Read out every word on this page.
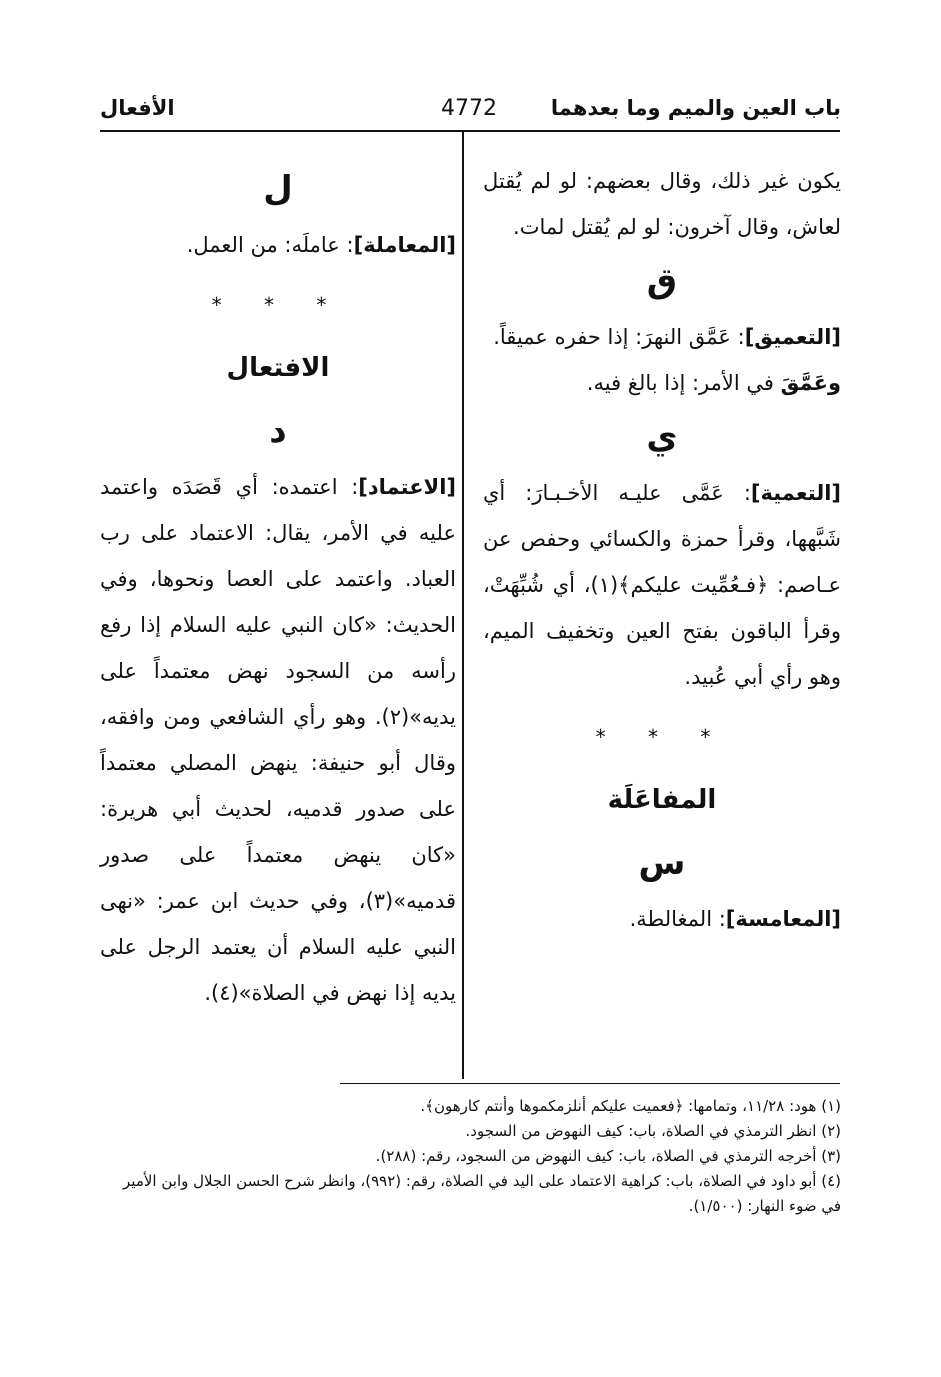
باب العين والميم وما بعدهما
4772
الأفعال

يكون غير ذلك، وقال بعضهم: لو لم يُقتل لعاش، وقال آخرون: لو لم يُقتل لمات.

ق

[التعميق]: عَمَّق النهرَ: إذا حفره عميقاً.

وعَمَّقَ في الأمر: إذا بالغ فيه.

ي

[التعمية]: عَمَّى عليـه الأخـبـارَ: أي شَبَّهها، وقرأ حمزة والكسائي وحفص عن عـاصم: ﴿فـعُمِّيت عليكم﴾(١)، أي شُبِّهَتْ، وقرأ الباقون بفتح العين وتخفيف الميم، وهو رأي أبي عُبيد.

* * *
المفاعَلَة
س

[المعامسة]: المغالطة.

ل

[المعاملة]: عاملَه: من العمل.

* * *
الافتعال
د

[الاعتماد]: اعتمده: أي قَصَدَه واعتمد عليه في الأمر، يقال: الاعتماد على رب العباد. واعتمد على العصا ونحوها، وفي الحديث: «كان النبي عليه السلام إذا رفع رأسه من السجود نهض معتمداً على يديه»(٢). وهو رأي الشافعي ومن وافقه، وقال أبو حنيفة: ينهض المصلي معتمداً على صدور قدميه، لحديث أبي هريرة: «كان ينهض معتمداً على صدور قدميه»(٣)، وفي حديث ابن عمر: «نهى النبي عليه السلام أن يعتمد الرجل على يديه إذا نهض في الصلاة»(٤).

(١) هود: ١١/٢٨، وتمامها: ﴿فعميت عليكم أنلزمكموها وأنتم كارهون﴾.

(٢) انظر الترمذي في الصلاة، باب: كيف النهوض من السجود.

(٣) أخرجه الترمذي في الصلاة، باب: كيف النهوض من السجود، رقم: (٢٨٨).

(٤) أبو داود في الصلاة، باب: كراهية الاعتماد على اليد في الصلاة، رقم: (٩٩٢)، وانظر شرح الحسن الجلال وابن الأمير في ضوء النهار: (١/٥٠٠).
